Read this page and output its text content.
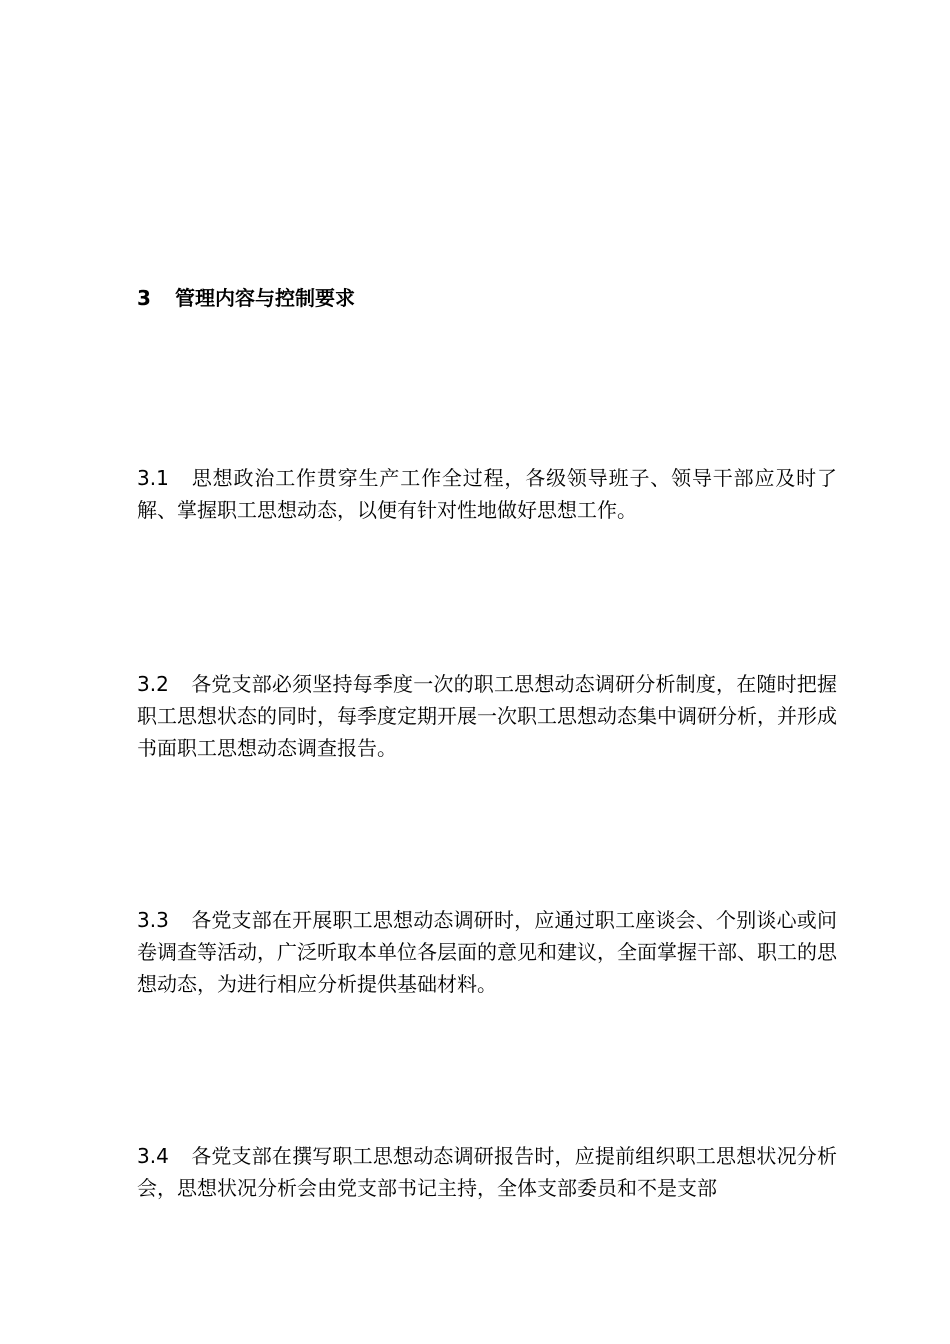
3 管理内容与控制要求
3.1 思想政治工作贯穿生产工作全过程，各级领导班子、领导干部应及时了解、掌握职工思想动态，以便有针对性地做好思想工作。
3.2 各党支部必须坚持每季度一次的职工思想动态调研分析制度，在随时把握职工思想状态的同时，每季度定期开展一次职工思想动态集中调研分析，并形成书面职工思想动态调查报告。
3.3 各党支部在开展职工思想动态调研时，应通过职工座谈会、个别谈心或问卷调查等活动，广泛听取本单位各层面的意见和建议，全面掌握干部、职工的思想动态，为进行相应分析提供基础材料。
3.4 各党支部在撰写职工思想动态调研报告时，应提前组织职工思想状况分析会，思想状况分析会由党支部书记主持，全体支部委员和不是支部
